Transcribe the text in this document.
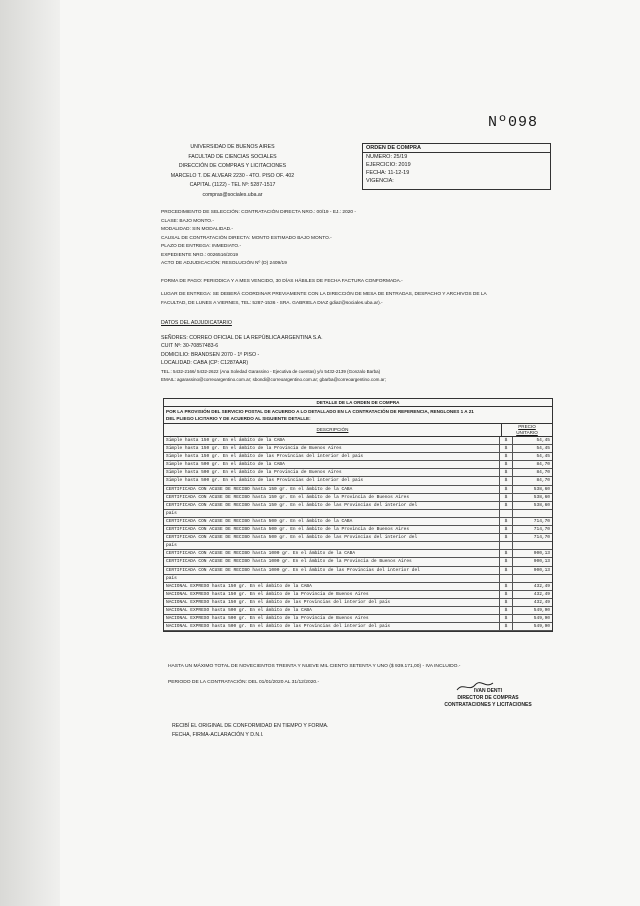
Nº098
UNIVERSIDAD DE BUENOS AIRES
FACULTAD DE CIENCIAS SOCIALES
DIRECCIÓN DE COMPRAS Y LICITACIONES
MARCELO T. DE ALVEAR 2230 - 4TO. PISO OF. 402
CAPITAL (1122) - TEL Nº: 5287-1517
compras@sociales.uba.ar
ORDEN DE COMPRA
NUMERO: 25/19
EJERCICIO: 2019
FECHA: 11-12-19
VIGENCIA:
PROCEDIMIENTO DE SELECCIÓN: CONTRATACIÓN DIRECTA NRO.: 00/19 - EJ.: 2020 -
CLASE: BAJO MONTO.-
MODALIDAD: SIN MODALIDAD.-
CAUSAL DE CONTRATACIÓN DIRECTA: MONTO ESTIMADO BAJO MONTO.-
PLAZO DE ENTREGA: INMEDIATO.-
EXPEDIENTE NRO.: 0026516/2019
ACTO DE ADJUDICACIÓN: RESOLUCIÓN Nº (D) 2409/19
FORMA DE PAGO: PERIODICA Y A MES VENCIDO, 30 DÍAS HÁBILES DE FECHA FACTURA CONFORMADA.-
LUGAR DE ENTREGA: SE DEBERÁ COORDINAR PREVIAMENTE CON LA DIRECCIÓN DE MESA DE ENTRADAS, DESPACHO Y ARCHIVOS DE LA
FACULTAD, DE LUNES A VIERNES, TEL: 5287-1536 - SRA. GABRIELA DIAZ gdiaz@sociales.uba.ar).-
DATOS DEL ADJUDICATARIO
SEÑORES: CORREO OFICIAL DE LA REPÚBLICA ARGENTINA S.A.
CUIT Nº: 30-70857483-6
DOMICILIO: BRANDSEN 2070 - 1º PISO -
LOCALIDAD: CABA (CP: C1287AAR)
TEL.: 5432-2166/ 5432-2622 (Ana Soledad Garassino - Ejecutiva de cuentas) y/o 5432-2139 (Gonzalo Barba)
EMAIL: agarassino@correoargentino.com.ar; sbondi@correoargentino.com.ar; gbarba@correoargentino.com.ar;
DETALLE DE LA ORDEN DE COMPRA
POR LA PROVISIÓN DEL SERVICIO POSTAL DE ACUERDO A LO DETALLADO EN LA CONTRATACIÓN DE REFERENCIA, RENGLONES 1 A 21
DEL PLIEGO LICITARIO Y DE ACUERDO AL SIGUIENTE DETALLE:
DESCRIPCIÓN
PRECIO
UNITARIO
Simple hasta 150 gr. En el ámbito de la CABA	$	54,45
Simple hasta 150 gr. En el ámbito de la Provincia de Buenos Aires	$	54,45
Simple hasta 150 gr. En el ámbito de las Provincias del interior del país	$	54,45
Simple hasta 500 gr. En el ámbito de la CABA	$	84,70
Simple hasta 500 gr. En el ámbito de la Provincia de Buenos Aires	$	84,70
Simple hasta 500 gr. En el ámbito de las Provincias del interior del país	$	84,70
CERTIFICADA CON ACUSE DE RECIBO hasta 150 gr. En el ámbito de la CABA	$	538,60
CERTIFICADA CON ACUSE DE RECIBO hasta 150 gr. En el ámbito de la Provincia de Buenos Aires	$	538,60
CERTIFICADA CON ACUSE DE RECIBO hasta 150 gr. En el ámbito de las Provincias del interior del	$	538,60
país
CERTIFICADA CON ACUSE DE RECIBO hasta 500 gr. En el ámbito de la CABA	$	714,70
CERTIFICADA CON ACUSE DE RECIBO hasta 500 gr. En el ámbito de la Provincia de Buenos Aires	$	714,70
CERTIFICADA CON ACUSE DE RECIBO hasta 500 gr. En el ámbito de las Provincias del interior del	$	714,70
país
CERTIFICADA CON ACUSE DE RECIBO hasta 1000 gr. En el ámbito de la CABA	$	900,13
CERTIFICADA CON ACUSE DE RECIBO hasta 1000 gr. En el ámbito de la Provincia de Buenos Aires	$	900,13
CERTIFICADA CON ACUSE DE RECIBO hasta 1000 gr. En el ámbito de las Provincias del interior del	$	900,13
país
NACIONAL EXPRESO hasta 150 gr. En el ámbito de la CABA	$	432,49
NACIONAL EXPRESO hasta 150 gr. En el ámbito de la Provincia de Buenos Aires	$	432,49
NACIONAL EXPRESO hasta 150 gr. En el ámbito de las Provincias del interior del país	$	432,49
NACIONAL EXPRESO hasta 500 gr. En el ámbito de la CABA	$	549,90
NACIONAL EXPRESO hasta 500 gr. En el ámbito de la Provincia de Buenos Aires	$	549,90
NACIONAL EXPRESO hasta 500 gr. En el ámbito de las Provincias del interior del país	$	549,90
HASTA UN MÁXIMO TOTAL DE NOVECIENTOS TREINTA Y NUEVE MIL CIENTO SETENTA Y UNO ($ 939.171,00) - IVA INCLUIDO.-
PERIODO DE LA CONTRATACIÓN: DEL 01/01/2020 AL 31/12/2020.-
IVAN DENTI
DIRECTOR DE COMPRAS
CONTRATACIONES Y LICITACIONES
RECIBÍ EL ORIGINAL DE CONFORMIDAD EN TIEMPO Y FORMA.
FECHA, FIRMA-ACLARACIÓN Y D.N.I.
